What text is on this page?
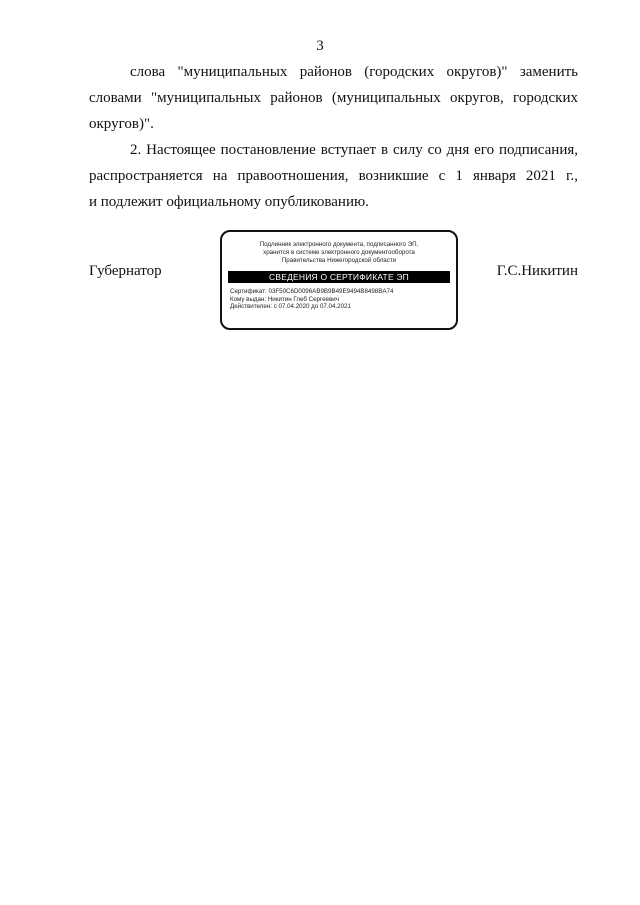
3
слова "муниципальных районов (городских округов)" заменить
словами "муниципальных районов (муниципальных округов, городских
округов)".
2. Настоящее постановление вступает в силу со дня его подписания,
распространяется на правоотношения, возникшие с 1 января 2021 г.,
и подлежит официальному опубликованию.
Губернатор	Г.С.Никитин
Подлинник электронного документа, подписанного ЭП,
хранится в системе электронного документооборота
Правительства Нижегородской области
СВЕДЕНИЯ О СЕРТИФИКАТЕ ЭП
Сертификат: 03F50C6D0096AB9B9B49E9494B8498BA74
Кому выдан: Никитин Глеб Сергеевич
Действителен: с 07.04.2020 до 07.04.2021
